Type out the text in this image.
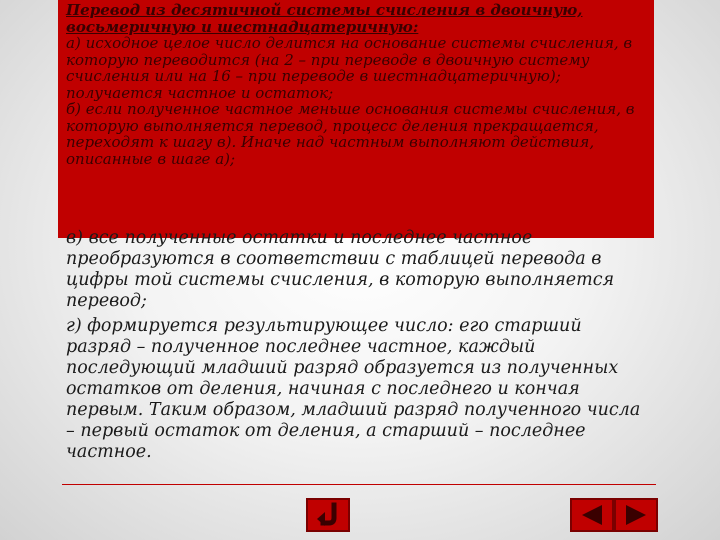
Перевод из десятичной системы счисления в двоичную, восьмеричную и шестнадцатеричную:

а) исходное целое число делится на основание системы счисления, в которую переводится (на 2 – при переводе в двоичную систему счисления или на 16 – при переводе в шестнадцатеричную); получается частное и остаток;

б) если полученное частное меньше основания системы счисления, в которую выполняется перевод, процесс деления прекращается, переходят к шагу в). Иначе над частным выполняют действия, описанные в шаге а);

в) все полученные остатки и последнее частное преобразуются в соответствии с таблицей перевода в цифры той системы счисления, в которую выполняется перевод;

г) формируется результирующее число: его старший разряд – полученное последнее частное, каждый последующий младший разряд образуется из полученных остатков от деления, начиная с последнего и кончая первым. Таким образом, младший разряд полученного числа – первый остаток от деления, а старший – последнее частное.
